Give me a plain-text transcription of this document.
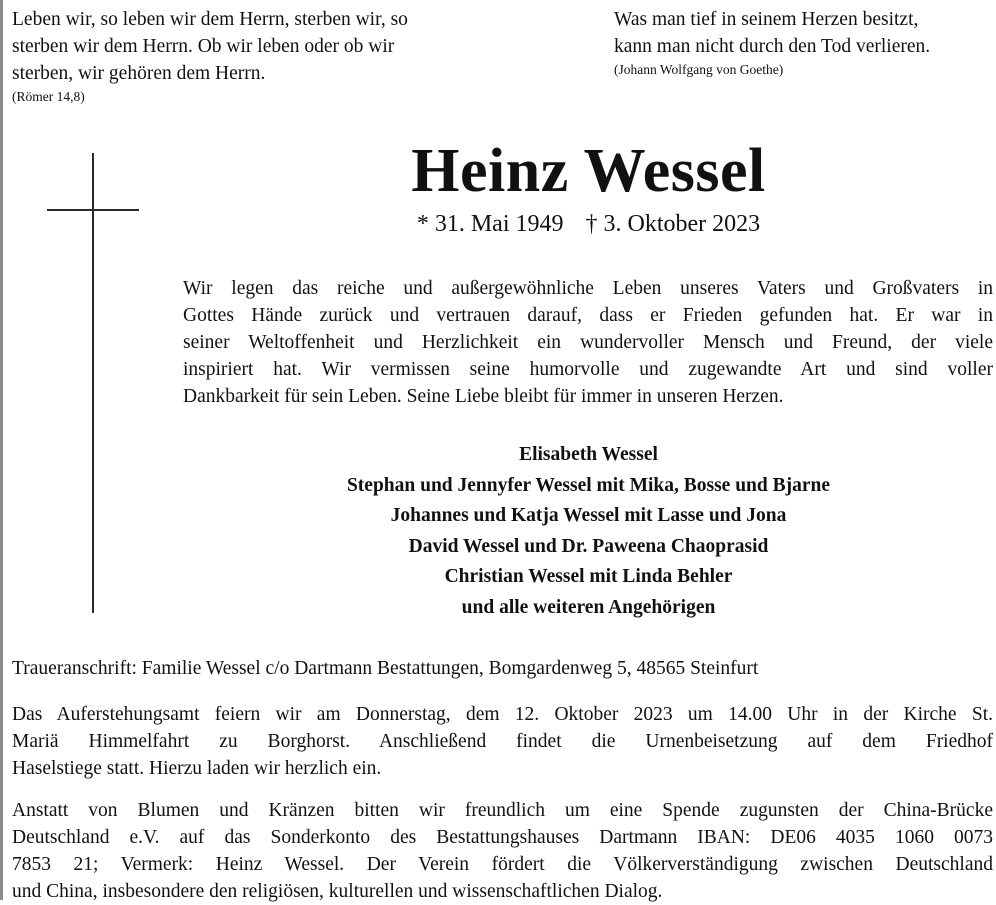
Leben wir, so leben wir dem Herrn, sterben wir, so
sterben wir dem Herrn. Ob wir leben oder ob wir
sterben, wir gehören dem Herrn.
(Römer 14,8)
Was man tief in seinem Herzen besitzt,
kann man nicht durch den Tod verlieren.
(Johann Wolfgang von Goethe)
Heinz Wessel
* 31. Mai 1949 † 3. Oktober 2023
Wir legen das reiche und außergewöhnliche Leben unseres Vaters und Großvaters in
Gottes Hände zurück und vertrauen darauf, dass er Frieden gefunden hat. Er war in
seiner Weltoffenheit und Herzlichkeit ein wundervoller Mensch und Freund, der viele
inspiriert hat. Wir vermissen seine humorvolle und zugewandte Art und sind voller
Dankbarkeit für sein Leben. Seine Liebe bleibt für immer in unseren Herzen.
Elisabeth Wessel
Stephan und Jennyfer Wessel mit Mika, Bosse und Bjarne
Johannes und Katja Wessel mit Lasse und Jona
David Wessel und Dr. Paweena Chaoprasid
Christian Wessel mit Linda Behler
und alle weiteren Angehörigen
Traueranschrift: Familie Wessel c/o Dartmann Bestattungen, Bomgardenweg 5, 48565 Steinfurt
Das Auferstehungsamt feiern wir am Donnerstag, dem 12. Oktober 2023 um 14.00 Uhr in der Kirche St.
Mariä Himmelfahrt zu Borghorst. Anschließend findet die Urnenbeisetzung auf dem Friedhof
Haselstiege statt. Hierzu laden wir herzlich ein.
Anstatt von Blumen und Kränzen bitten wir freundlich um eine Spende zugunsten der China-Brücke
Deutschland e.V. auf das Sonderkonto des Bestattungshauses Dartmann IBAN: DE06 4035 1060 0073
7853 21; Vermerk: Heinz Wessel. Der Verein fördert die Völkerverständigung zwischen Deutschland
und China, insbesondere den religiösen, kulturellen und wissenschaftlichen Dialog.
